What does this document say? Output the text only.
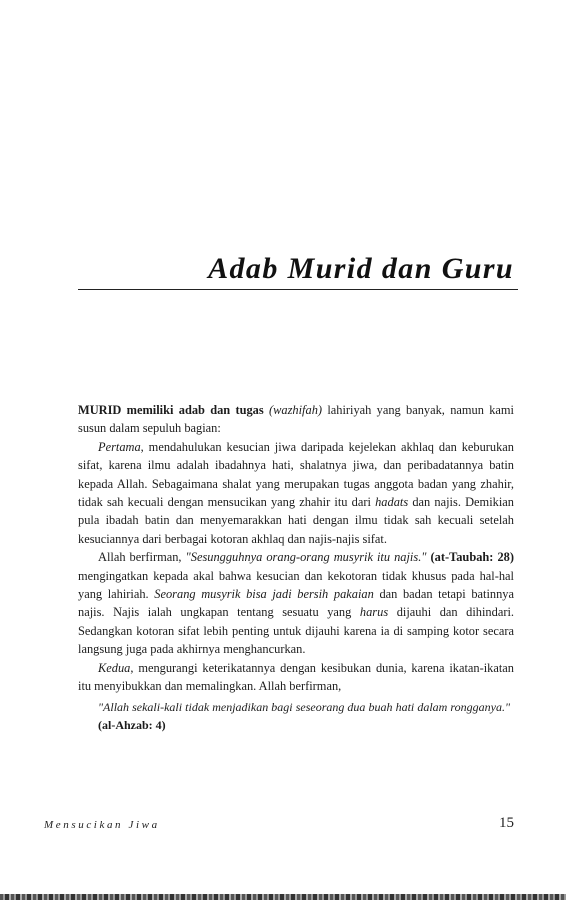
Adab Murid dan Guru

MURID memiliki adab dan tugas (wazhifah) lahiriyah yang banyak, namun kami susun dalam sepuluh bagian:

Pertama, mendahulukan kesucian jiwa daripada kejelekan akhlaq dan keburukan sifat, karena ilmu adalah ibadahnya hati, shalatnya jiwa, dan peribadatannya batin kepada Allah. Sebagaimana shalat yang merupakan tugas anggota badan yang zhahir, tidak sah kecuali dengan mensucikan yang zhahir itu dari hadats dan najis. Demikian pula ibadah batin dan menyemarakkan hati dengan ilmu tidak sah kecuali setelah kesuciannya dari berbagai kotoran akhlaq dan najis-najis sifat.

Allah berfirman, "Sesungguhnya orang-orang musyrik itu najis." (at-Taubah: 28) mengingatkan kepada akal bahwa kesucian dan kekotoran tidak khusus pada hal-hal yang lahiriah. Seorang musyrik bisa jadi bersih pakaian dan badan tetapi batinnya najis. Najis ialah ungkapan tentang sesuatu yang harus dijauhi dan dihindari. Sedangkan kotoran sifat lebih penting untuk dijauhi karena ia di samping kotor secara langsung juga pada akhirnya menghancurkan.

Kedua, mengurangi keterikatannya dengan kesibukan dunia, karena ikatan-ikatan itu menyibukkan dan memalingkan. Allah berfirman,

"Allah sekali-kali tidak menjadikan bagi seseorang dua buah hati dalam rongganya." (al-Ahzab: 4)

Mensucikan Jiwa	15
